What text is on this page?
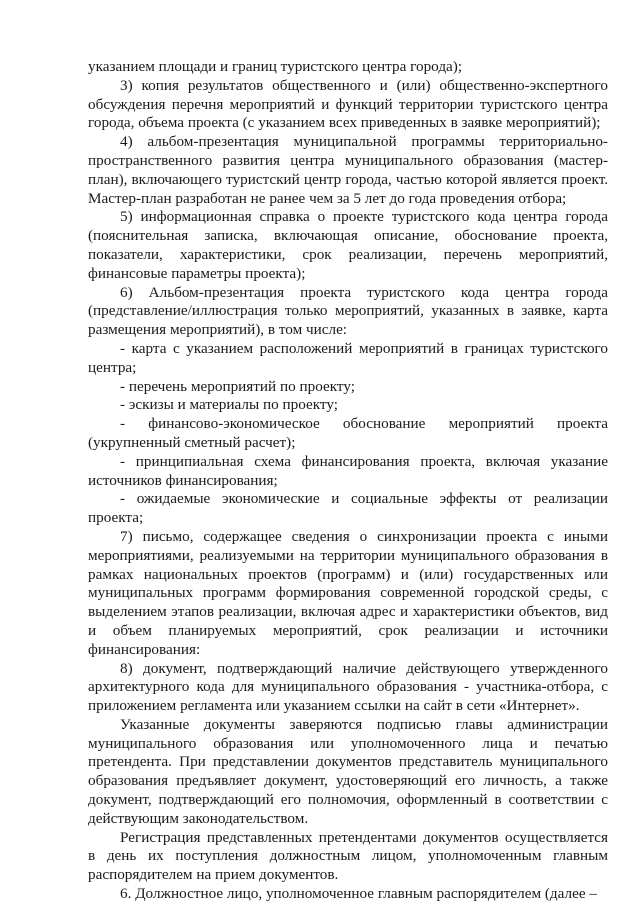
указанием площади и границ туристского центра города);

3) копия результатов общественного и (или) общественно-экспертного обсуждения перечня мероприятий и функций территории туристского центра города, объема проекта (с указанием всех приведенных в заявке мероприятий);

4) альбом-презентация муниципальной программы территориально-пространственного развития центра муниципального образования (мастер-план), включающего туристский центр города, частью которой является проект. Мастер-план разработан не ранее чем за 5 лет до года проведения отбора;

5) информационная справка о проекте туристского кода центра города (пояснительная записка, включающая описание, обоснование проекта, показатели, характеристики, срок реализации, перечень мероприятий, финансовые параметры проекта);

6) Альбом-презентация проекта туристского кода центра города (представление/иллюстрация только мероприятий, указанных в заявке, карта размещения мероприятий), в том числе:

- карта с указанием расположений мероприятий в границах туристского центра;

- перечень мероприятий по проекту;

- эскизы и материалы по проекту;

- финансово-экономическое обоснование мероприятий проекта (укрупненный сметный расчет);

- принципиальная схема финансирования проекта, включая указание источников финансирования;

- ожидаемые экономические и социальные эффекты от реализации проекта;

7) письмо, содержащее сведения о синхронизации проекта с иными мероприятиями, реализуемыми на территории муниципального образования в рамках национальных проектов (программ) и (или) государственных или муниципальных программ формирования современной городской среды, с выделением этапов реализации, включая адрес и характеристики объектов, вид и объем планируемых мероприятий, срок реализации и источники финансирования:

8) документ, подтверждающий наличие действующего утвержденного архитектурного кода для муниципального образования - участника-отбора, с приложением регламента или указанием ссылки на сайт в сети «Интернет».

Указанные документы заверяются подписью главы администрации муниципального образования или уполномоченного лица и печатью претендента. При представлении документов представитель муниципального образования предъявляет документ, удостоверяющий его личность, а также документ, подтверждающий его полномочия, оформленный в соответствии с действующим законодательством.

Регистрация представленных претендентами документов осуществляется в день их поступления должностным лицом, уполномоченным главным распорядителем на прием документов.

6. Должностное лицо, уполномоченное главным распорядителем (далее –
